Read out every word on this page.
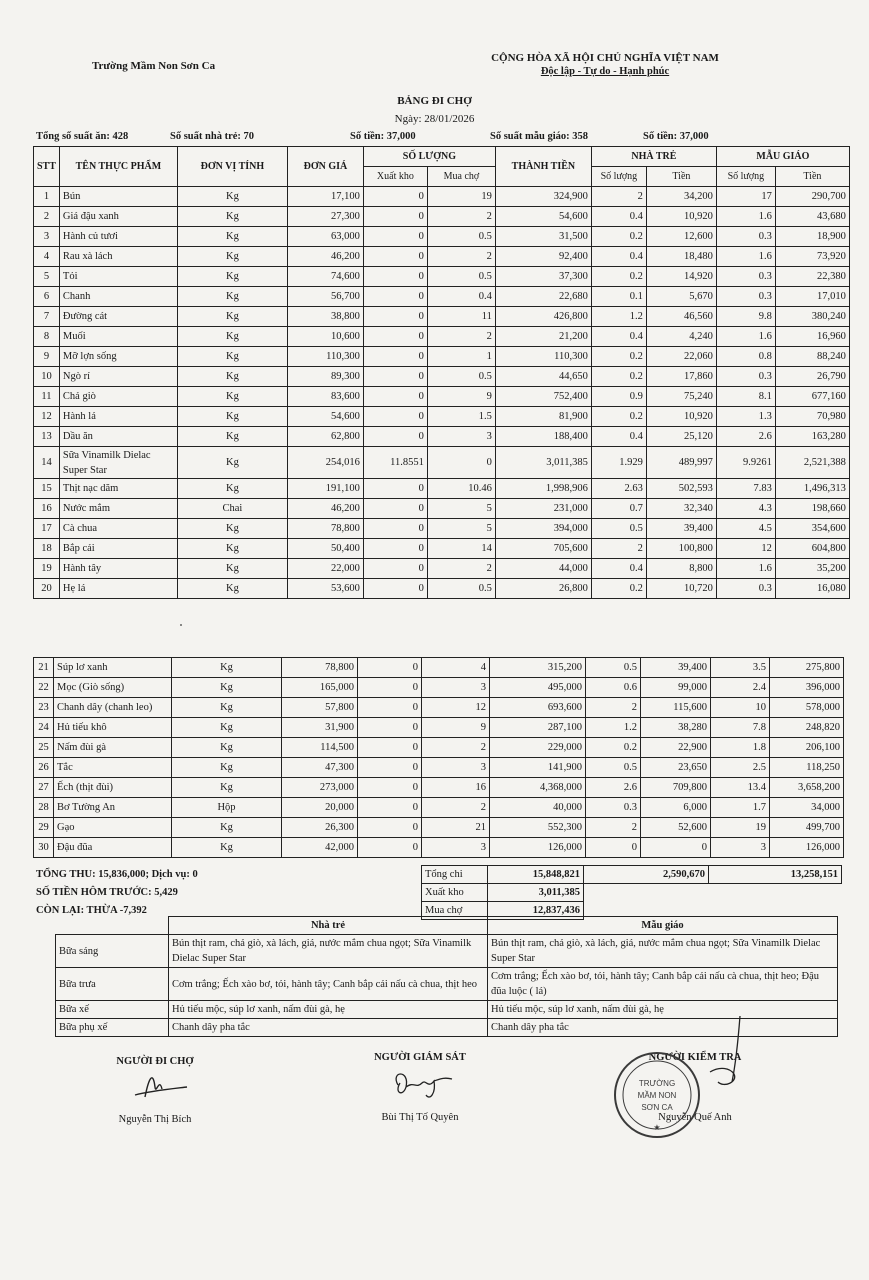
Trường Mầm Non Sơn Ca
CỘNG HÒA XÃ HỘI CHỦ NGHĨA VIỆT NAM
Độc lập - Tự do - Hạnh phúc
BẢNG ĐI CHỢ
Ngày: 28/01/2026
Tổng số suất ăn: 428	Số suất nhà trẻ: 70	Số tiền: 37,000	Số suất mẫu giáo: 358	Số tiền: 37,000
STT	TÊN THỰC PHẨM	ĐƠN VỊ TÍNH	ĐƠN GIÁ	SỐ LƯỢNG		THÀNH TIỀN	NHÀ TRẺ		MẪU GIÁO	
				Xuất kho	Mua chợ		Số lượng	Tiền	Số lượng	Tiền
1	Bún	Kg	17,100	0	19	324,900	2	34,200	17	290,700
2	Giá đậu xanh	Kg	27,300	0	2	54,600	0.4	10,920	1.6	43,680
3	Hành củ tươi	Kg	63,000	0	0.5	31,500	0.2	12,600	0.3	18,900
4	Rau xà lách	Kg	46,200	0	2	92,400	0.4	18,480	1.6	73,920
5	Tỏi	Kg	74,600	0	0.5	37,300	0.2	14,920	0.3	22,380
6	Chanh	Kg	56,700	0	0.4	22,680	0.1	5,670	0.3	17,010
7	Đường cát	Kg	38,800	0	11	426,800	1.2	46,560	9.8	380,240
8	Muối	Kg	10,600	0	2	21,200	0.4	4,240	1.6	16,960
9	Mỡ lợn sống	Kg	110,300	0	1	110,300	0.2	22,060	0.8	88,240
10	Ngò rí	Kg	89,300	0	0.5	44,650	0.2	17,860	0.3	26,790
11	Chả giò	Kg	83,600	0	9	752,400	0.9	75,240	8.1	677,160
12	Hành lá	Kg	54,600	0	1.5	81,900	0.2	10,920	1.3	70,980
13	Dầu ăn	Kg	62,800	0	3	188,400	0.4	25,120	2.6	163,280
14	Sữa Vinamilk Dielac Super Star	Kg	254,016	11.8551	0	3,011,385	1.929	489,997	9.9261	2,521,388
15	Thịt nạc dăm	Kg	191,100	0	10.46	1,998,906	2.63	502,593	7.83	1,496,313
16	Nước mắm	Chai	46,200	0	5	231,000	0.7	32,340	4.3	198,660
17	Cà chua	Kg	78,800	0	5	394,000	0.5	39,400	4.5	354,600
18	Bắp cải	Kg	50,400	0	14	705,600	2	100,800	12	604,800
19	Hành tây	Kg	22,000	0	2	44,000	0.4	8,800	1.6	35,200
20	Hẹ lá	Kg	53,600	0	0.5	26,800	0.2	10,720	0.3	16,080
21	Súp lơ xanh	Kg	78,800	0	4	315,200	0.5	39,400	3.5	275,800
22	Mọc (Giò sống)	Kg	165,000	0	3	495,000	0.6	99,000	2.4	396,000
23	Chanh dây (chanh leo)	Kg	57,800	0	12	693,600	2	115,600	10	578,000
24	Hủ tiếu khô	Kg	31,900	0	9	287,100	1.2	38,280	7.8	248,820
25	Nấm đùi gà	Kg	114,500	0	2	229,000	0.2	22,900	1.8	206,100
26	Tắc	Kg	47,300	0	3	141,900	0.5	23,650	2.5	118,250
27	Ếch (thịt đùi)	Kg	273,000	0	16	4,368,000	2.6	709,800	13.4	3,658,200
28	Bơ Tường An	Hộp	20,000	0	2	40,000	0.3	6,000	1.7	34,000
29	Gạo	Kg	26,300	0	21	552,300	2	52,600	19	499,700
30	Đậu đũa	Kg	42,000	0	3	126,000	0	0	3	126,000
TỔNG THU: 15,836,000; Dịch vụ: 0
SỐ TIỀN HÔM TRƯỚC: 5,429
CÒN LẠI: THỪA -7,392
Tổng chi	15,848,821	2,590,670	13,258,151
Xuất kho	3,011,385		
Mua chợ	12,837,436		
	Nhà trẻ	Mẫu giáo
Bữa sáng	Bún thịt ram, chả giò, xà lách, giá, nước mắm chua ngọt; Sữa Vinamilk Dielac Super Star	Bún thịt ram, chả giò, xà lách, giá, nước mắm chua ngọt; Sữa Vinamilk Dielac Super Star
Bữa trưa	Cơm trắng; Ếch xào bơ, tỏi, hành tây; Canh bắp cải nấu cà chua, thịt heo	Cơm trắng; Ếch xào bơ, tỏi, hành tây; Canh bắp cải nấu cà chua, thịt heo; Đậu đũa luộc ( lá)
Bữa xế	Hủ tiếu mộc, súp lơ xanh, nấm đùi gà, hẹ	Hủ tiếu mộc, súp lơ xanh, nấm đùi gà, hẹ
Bữa phụ xế	Chanh dây pha tắc	Chanh dây pha tắc
NGƯỜI ĐI CHỢ
Nguyễn Thị Bích
NGƯỜI GIÁM SÁT
Bùi Thị Tố Quyên
NGƯỜI KIỂM TRA
Nguyễn Quế Anh
TRƯỜNG
MẦM NON
SƠN CA
★
